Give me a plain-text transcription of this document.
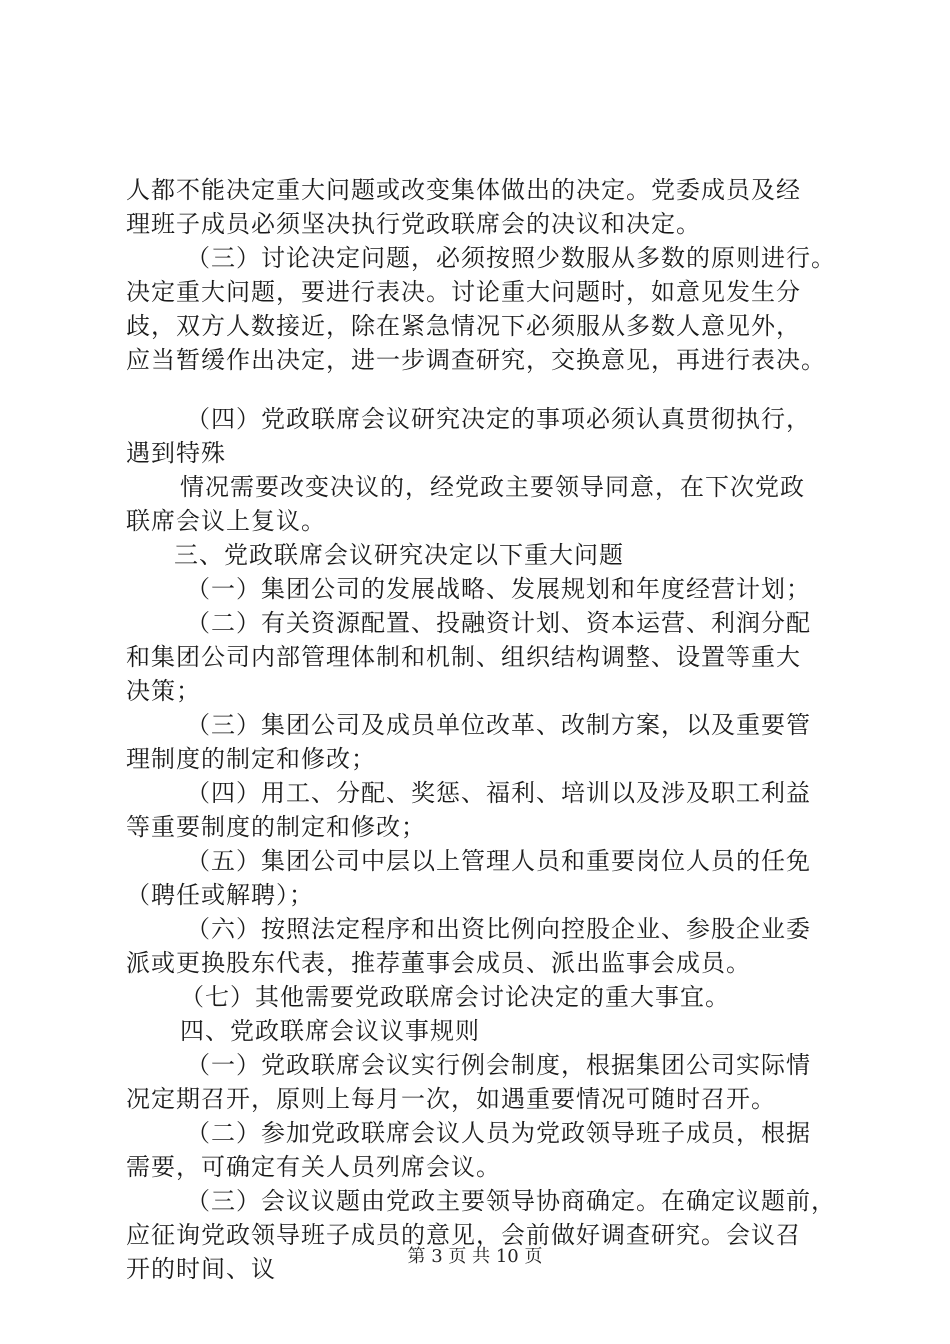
人都不能决定重大问题或改变集体做出的决定。党委成员及经
理班子成员必须坚决执行党政联席会的决议和决定。
（三）讨论决定问题，必须按照少数服从多数的原则进行。
决定重大问题，要进行表决。讨论重大问题时，如意见发生分
歧，双方人数接近，除在紧急情况下必须服从多数人意见外，
应当暂缓作出决定，进一步调查研究，交换意见，再进行表决。
（四）党政联席会议研究决定的事项必须认真贯彻执行，
遇到特殊
情况需要改变决议的，经党政主要领导同意，在下次党政
联席会议上复议。
三、党政联席会议研究决定以下重大问题
（一）集团公司的发展战略、发展规划和年度经营计划；
（二）有关资源配置、投融资计划、资本运营、利润分配
和集团公司内部管理体制和机制、组织结构调整、设置等重大
决策；
（三）集团公司及成员单位改革、改制方案，以及重要管
理制度的制定和修改；
（四）用工、分配、奖惩、福利、培训以及涉及职工利益
等重要制度的制定和修改；
（五）集团公司中层以上管理人员和重要岗位人员的任免
（聘任或解聘）；
（六）按照法定程序和出资比例向控股企业、参股企业委
派或更换股东代表，推荐董事会成员、派出监事会成员。
（七）其他需要党政联席会讨论决定的重大事宜。
四、党政联席会议议事规则
（一）党政联席会议实行例会制度，根据集团公司实际情
况定期召开，原则上每月一次，如遇重要情况可随时召开。
（二）参加党政联席会议人员为党政领导班子成员，根据
需要，可确定有关人员列席会议。
（三）会议议题由党政主要领导协商确定。在确定议题前，
应征询党政领导班子成员的意见，会前做好调查研究。会议召
开的时间、议	第 3 页 共 10 页
